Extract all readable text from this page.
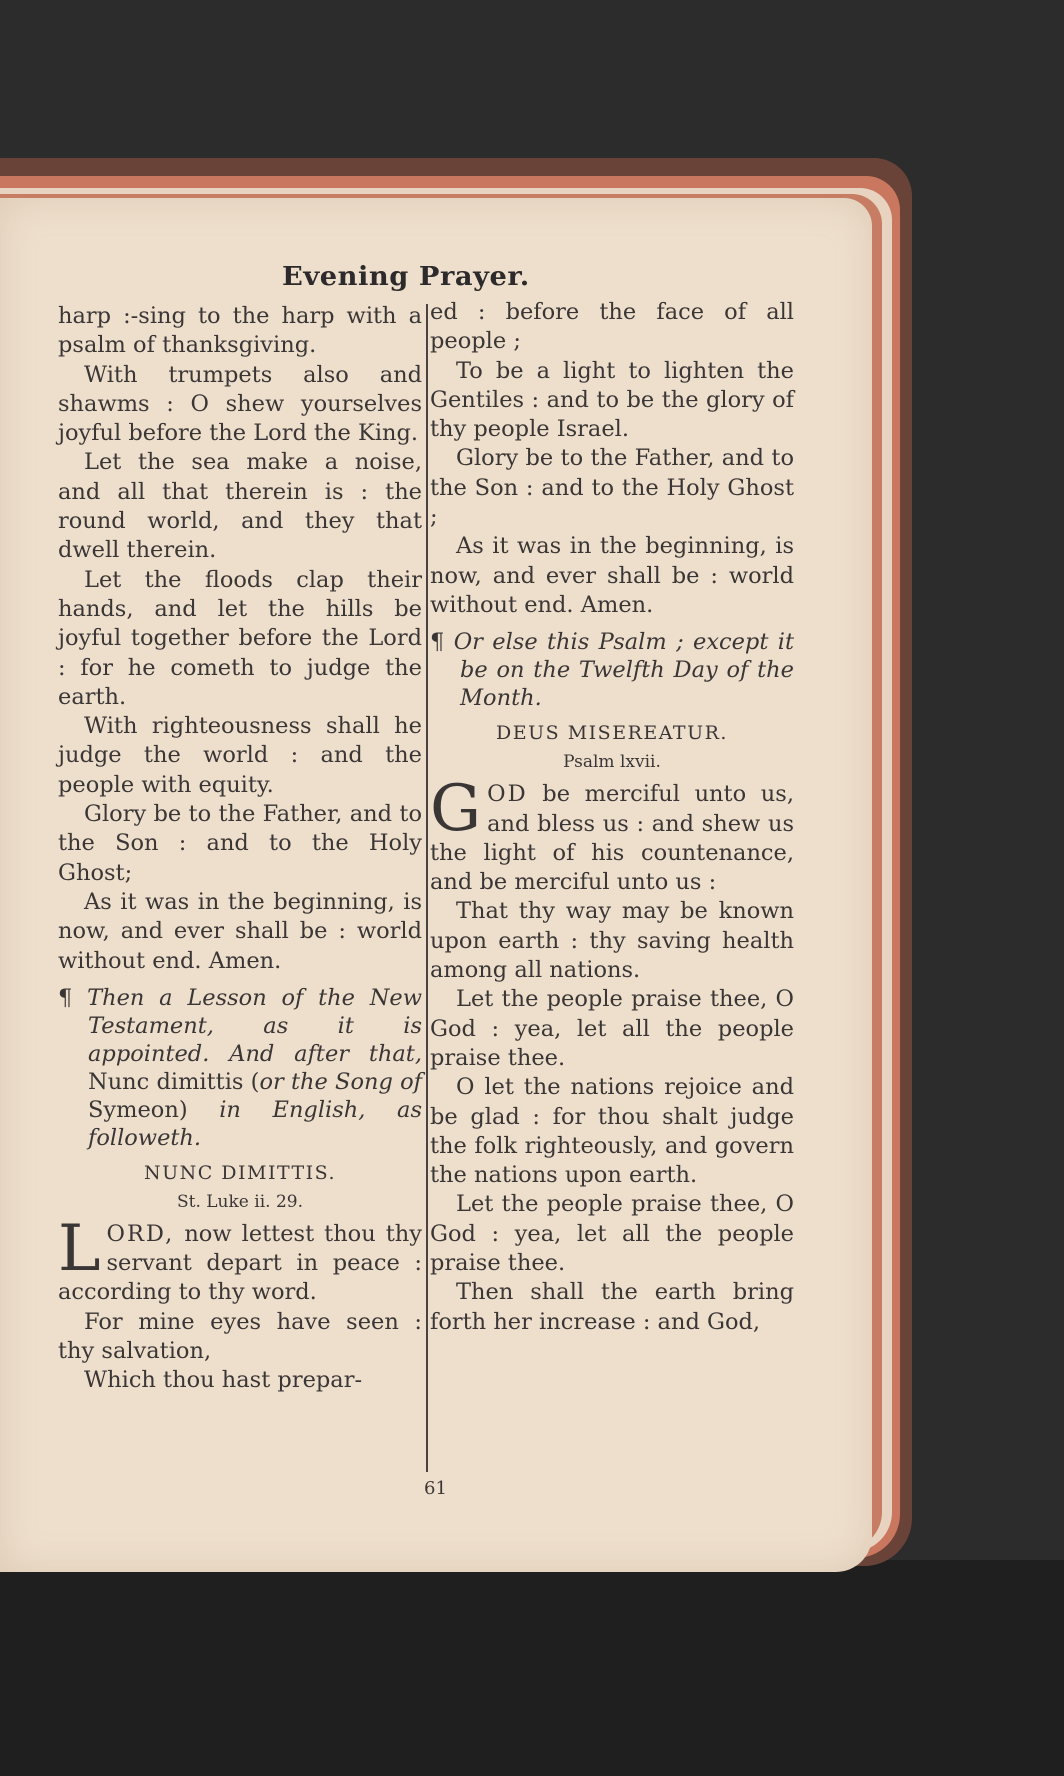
Evening Prayer.

harp :-sing to the harp with a psalm of thanksgiving.

With trumpets also and shawms : O shew yourselves joyful before the Lord the King.

Let the sea make a noise, and all that therein is : the round world, and they that dwell therein.

Let the floods clap their hands, and let the hills be joyful together before the Lord : for he cometh to judge the earth.

With righteousness shall he judge the world : and the people with equity.

Glory be to the Father, and to the Son : and to the Holy Ghost;

As it was in the beginning, is now, and ever shall be : world without end. Amen.

¶ Then a Lesson of the New Testament, as it is appointed. And after that, Nunc dimittis (or the Song of Symeon) in English, as followeth.

NUNC DIMITTIS.

St. Luke ii. 29.

LORD, now lettest thou thy servant depart in peace : according to thy word.

For mine eyes have seen : thy salvation,

Which thou hast prepar-

ed : before the face of all people ;

To be a light to lighten the Gentiles : and to be the glory of thy people Israel.

Glory be to the Father, and to the Son : and to the Holy Ghost ;

As it was in the beginning, is now, and ever shall be : world without end. Amen.

¶ Or else this Psalm ; except it be on the Twelfth Day of the Month.

DEUS MISEREATUR.

Psalm lxvii.

GOD be merciful unto us, and bless us : and shew us the light of his countenance, and be merciful unto us :

That thy way may be known upon earth : thy saving health among all nations.

Let the people praise thee, O God : yea, let all the people praise thee.

O let the nations rejoice and be glad : for thou shalt judge the folk righteously, and govern the nations upon earth.

Let the people praise thee, O God : yea, let all the people praise thee.

Then shall the earth bring forth her increase : and God,

61
